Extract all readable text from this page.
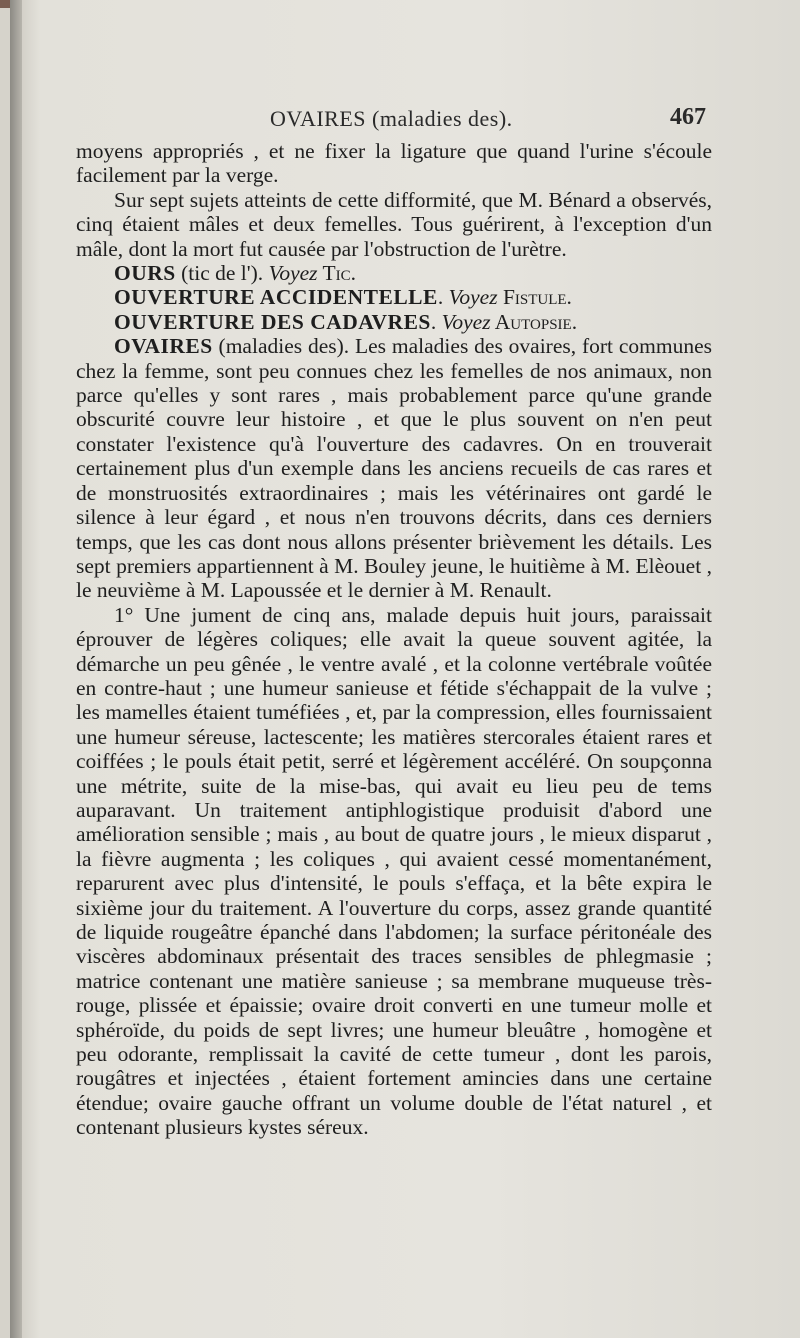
OVAIRES (maladies des).	467

moyens appropriés , et ne fixer la ligature que quand l'urine s'écoule facilement par la verge.

Sur sept sujets atteints de cette difformité, que M. Bénard a observés, cinq étaient mâles et deux femelles. Tous guérirent, à l'exception d'un mâle, dont la mort fut causée par l'obstruction de l'urètre.

OURS (tic de l'). Voyez Tic.

OUVERTURE ACCIDENTELLE. Voyez Fistule.

OUVERTURE DES CADAVRES. Voyez Autopsie.

OVAIRES (maladies des). Les maladies des ovaires, fort communes chez la femme, sont peu connues chez les femelles de nos animaux, non parce qu'elles y sont rares , mais probablement parce qu'une grande obscurité couvre leur histoire , et que le plus souvent on n'en peut constater l'existence qu'à l'ouverture des cadavres. On en trouverait certainement plus d'un exemple dans les anciens recueils de cas rares et de monstruosités extraordinaires ; mais les vétérinaires ont gardé le silence à leur égard , et nous n'en trouvons décrits, dans ces derniers temps, que les cas dont nous allons présenter brièvement les détails. Les sept premiers appartiennent à M. Bouley jeune, le huitième à M. Elèouet , le neuvième à M. Lapoussée et le dernier à M. Renault.

1° Une jument de cinq ans, malade depuis huit jours, paraissait éprouver de légères coliques; elle avait la queue souvent agitée, la démarche un peu gênée , le ventre avalé , et la colonne vertébrale voûtée en contre-haut ; une humeur sanieuse et fétide s'échappait de la vulve ; les mamelles étaient tuméfiées , et, par la compression, elles fournissaient une humeur séreuse, lactescente; les matières stercorales étaient rares et coiffées ; le pouls était petit, serré et légèrement accéléré. On soupçonna une métrite, suite de la mise-bas, qui avait eu lieu peu de tems auparavant. Un traitement antiphlogistique produisit d'abord une amélioration sensible ; mais , au bout de quatre jours , le mieux disparut , la fièvre augmenta ; les coliques , qui avaient cessé momentanément, reparurent avec plus d'intensité, le pouls s'effaça, et la bête expira le sixième jour du traitement. A l'ouverture du corps, assez grande quantité de liquide rougeâtre épanché dans l'abdomen; la surface péritonéale des viscères abdominaux présentait des traces sensibles de phlegmasie ; matrice contenant une matière sanieuse ; sa membrane muqueuse très-rouge, plissée et épaissie; ovaire droit converti en une tumeur molle et sphéroïde, du poids de sept livres; une humeur bleuâtre , homogène et peu odorante, remplissait la cavité de cette tumeur , dont les parois, rougâtres et injectées , étaient fortement amincies dans une certaine étendue; ovaire gauche offrant un volume double de l'état naturel , et contenant plusieurs kystes séreux.
